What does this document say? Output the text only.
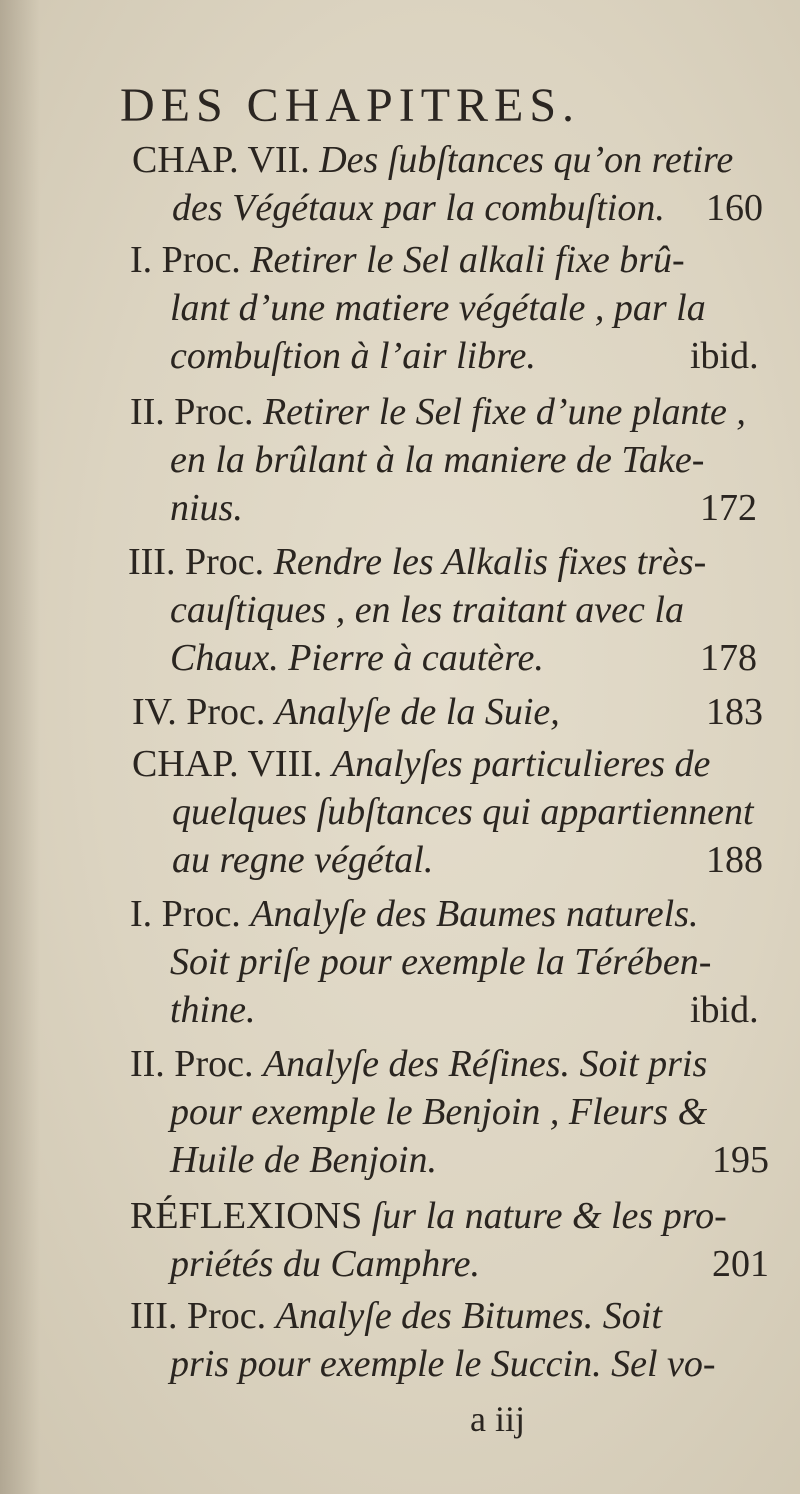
DES CHAPITRES.
CHAP. VII. Des ſubſtances qu’on retire
des Végétaux par la combuſtion. 160
I. Proc. Retirer le Sel alkali fixe brû-
lant d’une matiere végétale , par la
combuſtion à l’air libre.	ibid.
II. Proc. Retirer le Sel fixe d’une plante ,
en la brûlant à la maniere de Take-
nius.	172
III. Proc. Rendre les Alkalis fixes très-
cauſtiques , en les traitant avec la
Chaux. Pierre à cautère.	178
IV. Proc. Analyſe de la Suie,	183
CHAP. VIII. Analyſes particulieres de
quelques ſubſtances qui appartiennent
au regne végétal.	188
I. Proc. Analyſe des Baumes naturels.
Soit priſe pour exemple la Térében-
thine.	ibid.
II. Proc. Analyſe des Réſines. Soit pris
pour exemple le Benjoin , Fleurs &
Huile de Benjoin.	195
RÉFLEXIONS ſur la nature & les pro-
priétés du Camphre.	201
III. Proc. Analyſe des Bitumes. Soit
pris pour exemple le Succin. Sel vo-
a iij
